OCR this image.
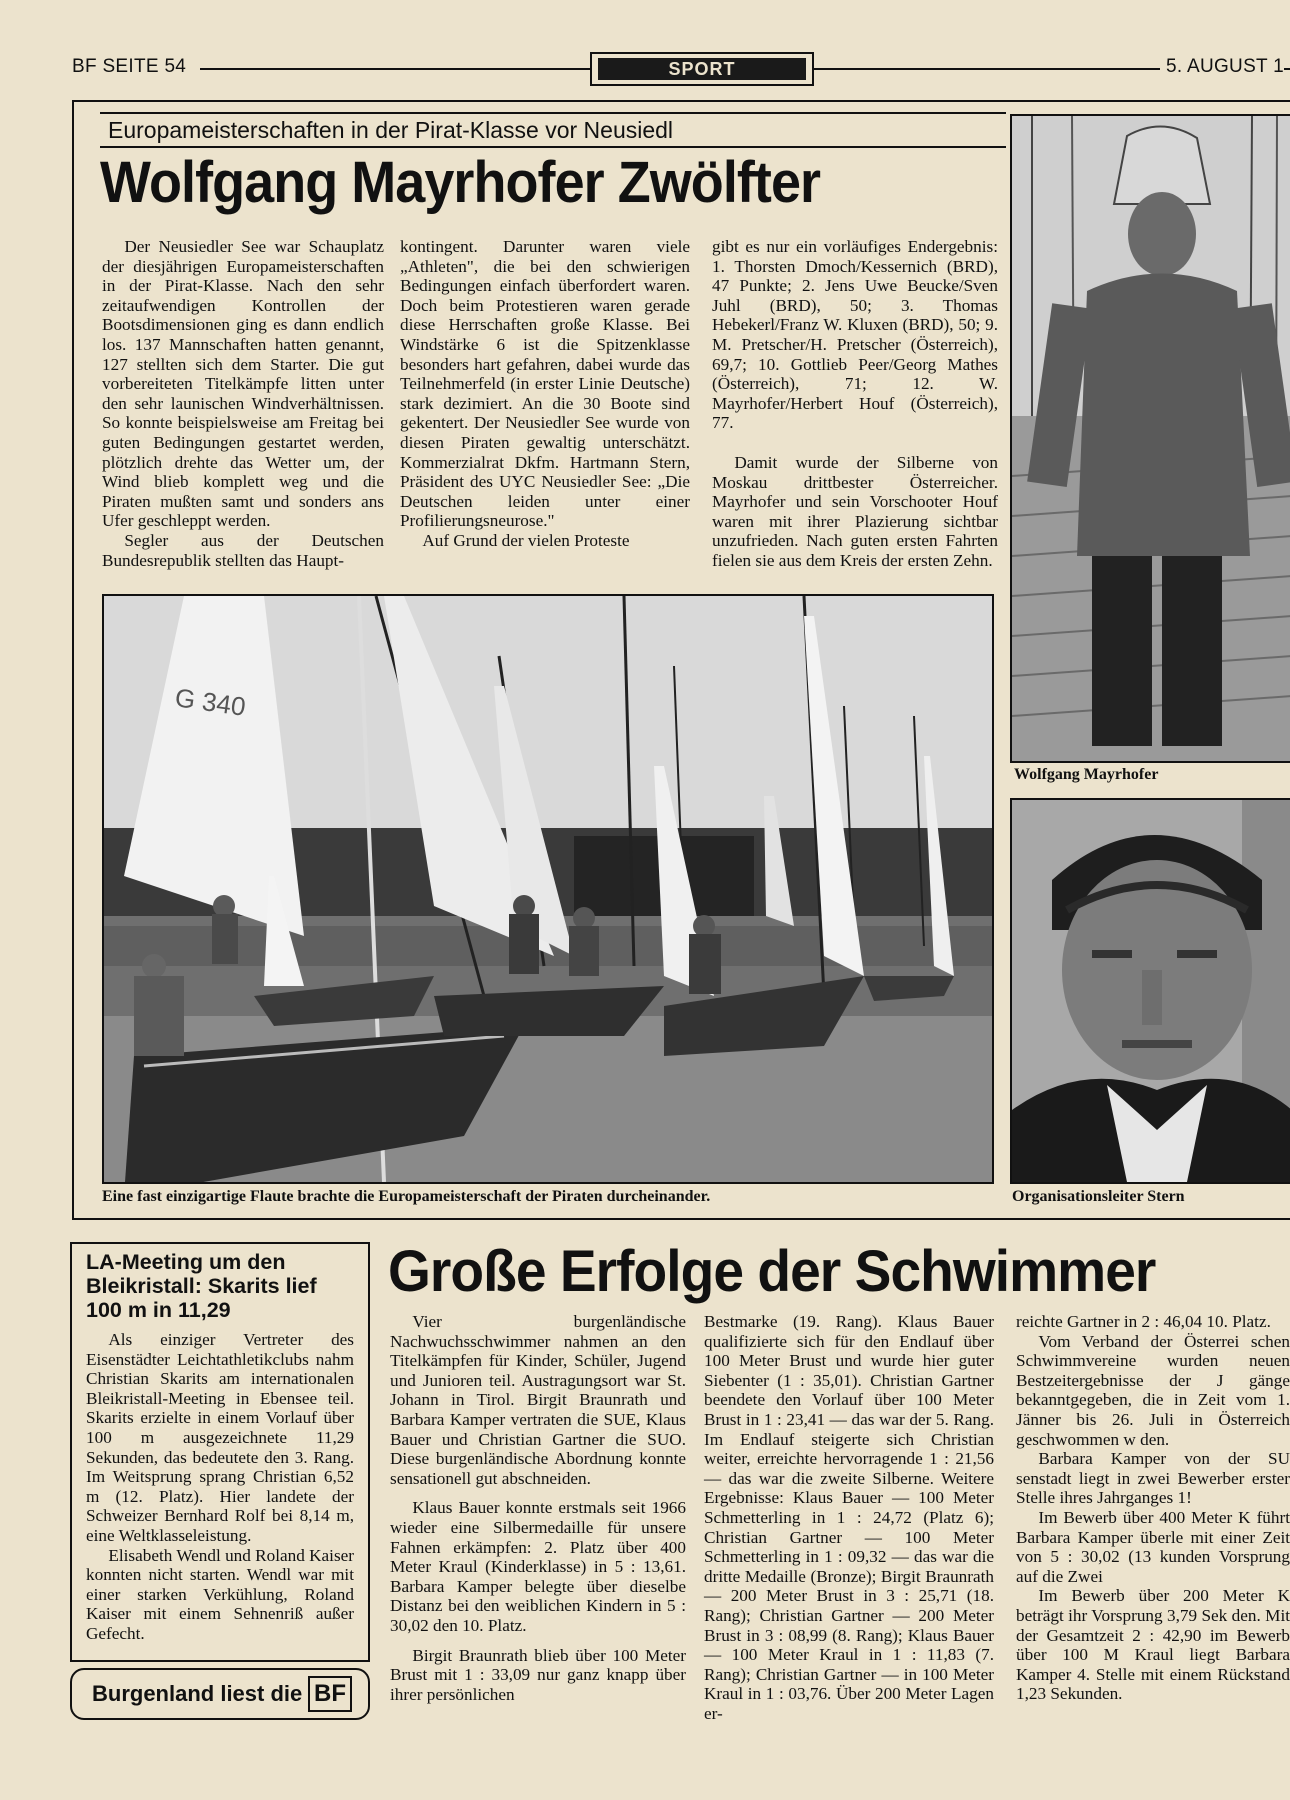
BF SEITE 54	SPORT	5. AUGUST 1
Europameisterschaften in der Pirat-Klasse vor Neusiedl
Wolfgang Mayrhofer Zwölfter

Der Neusiedler See war Schauplatz der diesjährigen Europameisterschaften in der Pirat-Klasse. Nach den sehr zeitaufwendigen Kontrollen der Bootsdimensionen ging es dann endlich los. 137 Mannschaften hatten genannt, 127 stellten sich dem Starter. Die gut vorbereiteten Titelkämpfe litten unter den sehr launischen Windverhältnissen. So konnte beispielsweise am Freitag bei guten Bedingungen gestartet werden, plötzlich drehte das Wetter um, der Wind blieb komplett weg und die Piraten mußten samt und sonders ans Ufer geschleppt werden.

Segler aus der Deutschen Bundesrepublik stellten das Haupt-

kontingent. Darunter waren viele „Athleten", die bei den schwierigen Bedingungen einfach überfordert waren. Doch beim Protestieren waren gerade diese Herrschaften große Klasse. Bei Windstärke 6 ist die Spitzenklasse besonders hart gefahren, dabei wurde das Teilnehmerfeld (in erster Linie Deutsche) stark dezimiert. An die 30 Boote sind gekentert. Der Neusiedler See wurde von diesen Piraten gewaltig unterschätzt. Kommerzialrat Dkfm. Hartmann Stern, Präsident des UYC Neusiedler See: „Die Deutschen leiden unter einer Profilierungsneurose."

Auf Grund der vielen Proteste

gibt es nur ein vorläufiges Endergebnis: 1. Thorsten Dmoch/Kessernich (BRD), 47 Punkte; 2. Jens Uwe Beucke/Sven Juhl (BRD), 50; 3. Thomas Hebekerl/Franz W. Kluxen (BRD), 50; 9. M. Pretscher/H. Pretscher (Österreich), 69,7; 10. Gottlieb Peer/Georg Mathes (Österreich), 71; 12. W. Mayrhofer/Herbert Houf (Österreich), 77.

Damit wurde der Silberne von Moskau drittbester Österreicher. Mayrhofer und sein Vorschooter Houf waren mit ihrer Plazierung sichtbar unzufrieden. Nach guten ersten Fahrten fielen sie aus dem Kreis der ersten Zehn.

G 340
Eine fast einzigartige Flaute brachte die Europameisterschaft der Piraten durcheinander.
Wolfgang Mayrhofer
Organisationsleiter Stern
LA-Meeting um den Bleikristall: Skarits lief 100 m in 11,29

Als einziger Vertreter des Eisenstädter Leichtathletikclubs nahm Christian Skarits am internationalen Bleikristall-Meeting in Ebensee teil. Skarits erzielte in einem Vorlauf über 100 m ausgezeichnete 11,29 Sekunden, das bedeutete den 3. Rang. Im Weitsprung sprang Christian 6,52 m (12. Platz). Hier landete der Schweizer Bernhard Rolf bei 8,14 m, eine Weltklasseleistung.

Elisabeth Wendl und Roland Kaiser konnten nicht starten. Wendl war mit einer starken Verkühlung, Roland Kaiser mit einem Sehnenriß außer Gefecht.

Burgenland liest die BF
Große Erfolge der Schwimmer

Vier burgenländische Nachwuchsschwimmer nahmen an den Titelkämpfen für Kinder, Schüler, Jugend und Junioren teil. Austragungsort war St. Johann in Tirol. Birgit Braunrath und Barbara Kamper vertraten die SUE, Klaus Bauer und Christian Gartner die SUO. Diese burgenländische Abordnung konnte sensationell gut abschneiden.

Klaus Bauer konnte erstmals seit 1966 wieder eine Silbermedaille für unsere Fahnen erkämpfen: 2. Platz über 400 Meter Kraul (Kinderklasse) in 5 : 13,61. Barbara Kamper belegte über dieselbe Distanz bei den weiblichen Kindern in 5 : 30,02 den 10. Platz.

Birgit Braunrath blieb über 100 Meter Brust mit 1 : 33,09 nur ganz knapp über ihrer persönlichen

Bestmarke (19. Rang). Klaus Bauer qualifizierte sich für den Endlauf über 100 Meter Brust und wurde hier guter Siebenter (1 : 35,01). Christian Gartner beendete den Vorlauf über 100 Meter Brust in 1 : 23,41 — das war der 5. Rang. Im Endlauf steigerte sich Christian weiter, erreichte hervorragende 1 : 21,56 — das war die zweite Silberne. Weitere Ergebnisse: Klaus Bauer — 100 Meter Schmetterling in 1 : 24,72 (Platz 6); Christian Gartner — 100 Meter Schmetterling in 1 : 09,32 — das war die dritte Medaille (Bronze); Birgit Braunrath — 200 Meter Brust in 3 : 25,71 (18. Rang); Christian Gartner — 200 Meter Brust in 3 : 08,99 (8. Rang); Klaus Bauer — 100 Meter Kraul in 1 : 11,83 (7. Rang); Christian Gartner — in 100 Meter Kraul in 1 : 03,76. Über 200 Meter Lagen er-

reichte Gartner in 2 : 46,04 10. Platz.

Vom Verband der Österrei schen Schwimmvereine wurden neuen Bestzeitergebnisse der J gänge bekanntgegeben, die in Zeit vom 1. Jänner bis 26. Juli in Österreich geschwommen w den.

Barbara Kamper von der SU senstadt liegt in zwei Bewerber erster Stelle ihres Jahrganges 1!

Im Bewerb über 400 Meter K führt Barbara Kamper überle mit einer Zeit von 5 : 30,02 (13 kunden Vorsprung auf die Zwei

Im Bewerb über 200 Meter K beträgt ihr Vorsprung 3,79 Sek den. Mit der Gesamtzeit 2 : 42,90 im Bewerb über 100 M Kraul liegt Barbara Kamper 4. Stelle mit einem Rückstand 1,23 Sekunden.
